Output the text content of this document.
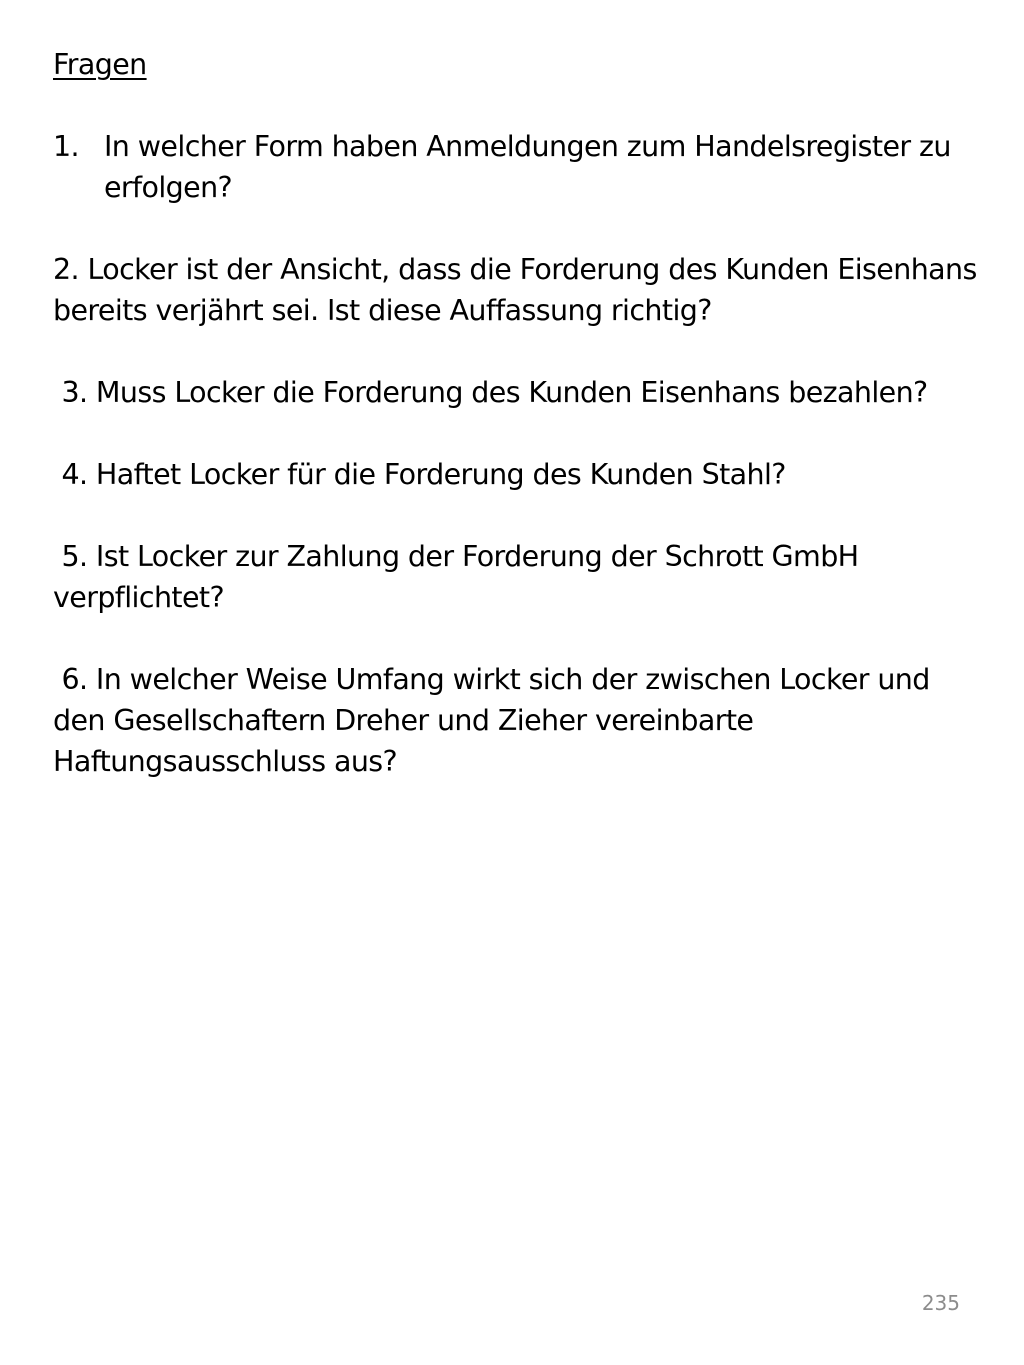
Fragen
1. In welcher Form haben Anmeldungen zum Handelsregister zu erfolgen?
2. Locker ist der Ansicht, dass die Forderung des Kunden Eisenhans bereits verjährt sei. Ist diese Auffassung richtig?
3. Muss Locker die Forderung des Kunden Eisenhans bezahlen?
4. Haftet Locker für die Forderung des Kunden Stahl?
5. Ist Locker zur Zahlung der Forderung der Schrott GmbH verpflichtet?
6. In welcher Weise Umfang wirkt sich der zwischen Locker und den Gesellschaftern Dreher und Zieher vereinbarte Haftungsausschluss aus?
235
